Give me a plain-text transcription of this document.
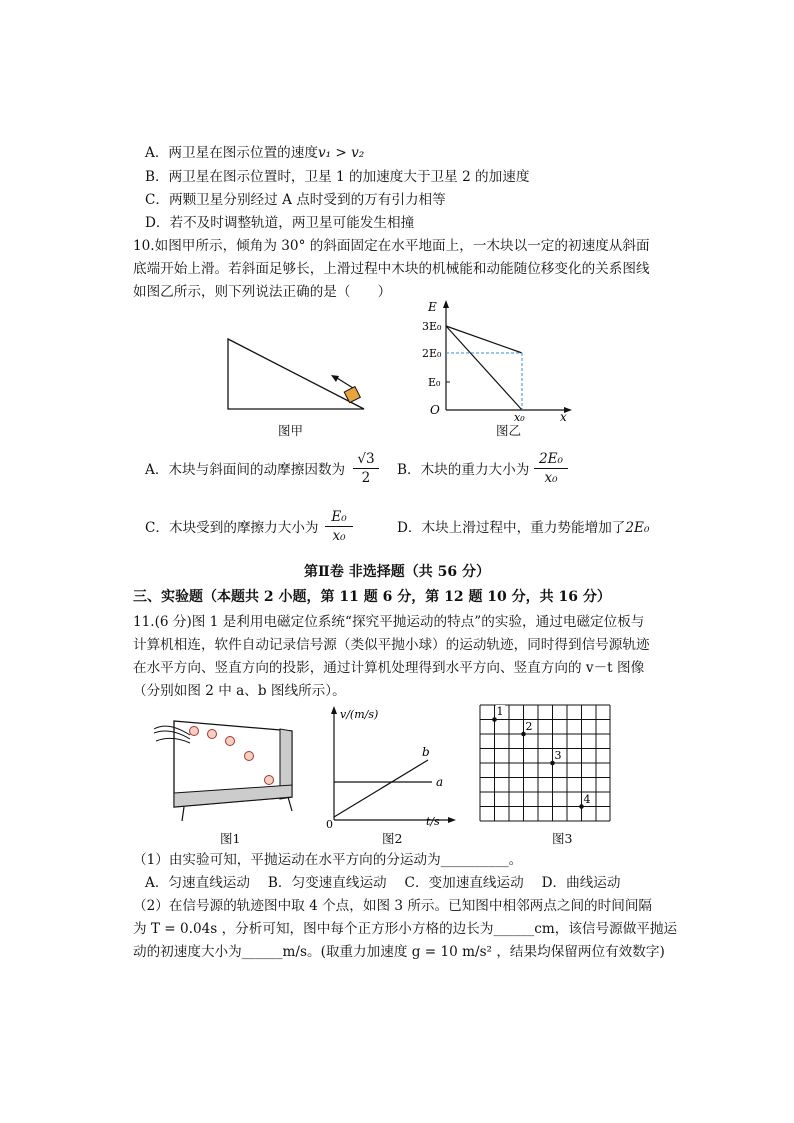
A．两卫星在图示位置的速度v₁ > v₂
B．两卫星在图示位置时，卫星 1 的加速度大于卫星 2 的加速度
C．两颗卫星分别经过 A 点时受到的万有引力相等
D．若不及时调整轨道，两卫星可能发生相撞
10.如图甲所示，倾角为 30° 的斜面固定在水平地面上，一木块以一定的初速度从斜面
底端开始上滑。若斜面足够长，上滑过程中木块的机械能和动能随位移变化的关系图线
如图乙所示，则下列说法正确的是（　　）
图甲
E
x
O
3E₀
2E₀
E₀
x₀
图乙
A．木块与斜面间的动摩擦因数为 $\frac{√3}{2}$ B．木块的重力大小为 $\frac{\text{2E₀}}{\text{x₀}}$
C．木块受到的摩擦力大小为 $\frac{\text{E₀}}{\text{x₀}}$	D．木块上滑过程中，重力势能增加了2E₀
第Ⅱ卷 非选择题（共 56 分）
三、实验题（本题共 2 小题，第 11 题 6 分，第 12 题 10 分，共 16 分）
11.(6 分)图 1 是利用电磁定位系统“探究平抛运动的特点”的实验，通过电磁定位板与
计算机相连，软件自动记录信号源（类似平抛小球）的运动轨迹，同时得到信号源轨迹
在水平方向、竖直方向的投影，通过计算机处理得到水平方向、竖直方向的 v－t 图像
（分别如图 2 中 a、b 图线所示）。
图1
v/(m/s)
t/s
0
a
b
图2
1
2
3
4
图3
（1）由实验可知，平抛运动在水平方向的分运动为__________。
A．匀速直线运动　 B．匀变速直线运动　 C．变加速直线运动　 D．曲线运动
（2）在信号源的轨迹图中取 4 个点，如图 3 所示。已知图中相邻两点之间的时间间隔
为 T = 0.04s ，分析可知，图中每个正方形小方格的边长为______cm，该信号源做平抛运
动的初速度大小为______m/s。(取重力加速度 g = 10 m/s² ，结果均保留两位有效数字)
